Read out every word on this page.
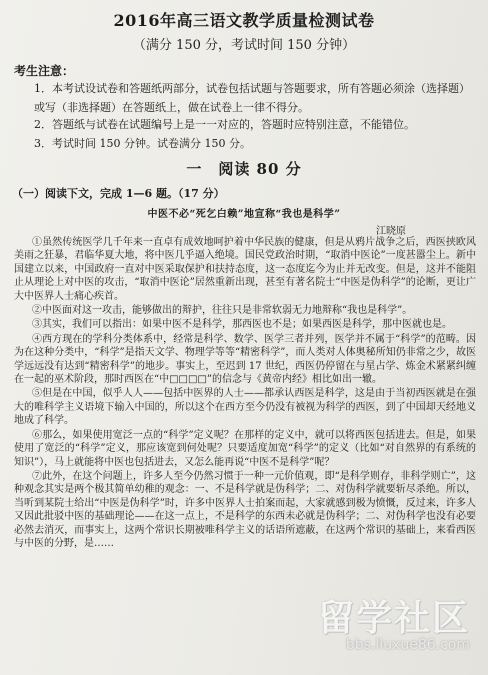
2016年高三语文教学质量检测试卷
（满分 150 分，考试时间 150 分钟）
考生注意：
1．本考试设试卷和答题纸两部分，试卷包括试题与答题要求，所有答题必须涂（选择题）或写（非选择题）在答题纸上，做在试卷上一律不得分。
2．答题纸与试卷在试题编号上是一一对应的，答题时应特别注意，不能错位。
3．考试时间 150 分钟。试卷满分 150 分。
一　阅读 80 分
（一）阅读下文，完成 1—6 题。（17 分）
中医不必“死乞白赖”地宣称“我也是科学”
江晓原

①虽然传统医学几千年来一直卓有成效地呵护着中华民族的健康，但是从鸦片战争之后，西医挟欧风美雨之狂暴，君临华夏大地，将中医几乎逼入绝境。国民党政治时期，“取消中医论”一度甚嚣尘上。新中国建立以来，中国政府一直对中医采取保护和扶持态度，这一态度迄今为止并无改变。但是，这并不能阻止从理论上对中医的攻击，“取消中医论”居然重新出现，甚至有著名院士“中医是伪科学”的论断，更让广大中医界人士痛心疾首。

②中医面对这一攻击，能够做出的辩护，往往只是非常软弱无力地辩称“我也是科学”。

③其实，我们可以指出：如果中医不是科学，那西医也不是；如果西医是科学，那中医就也是。

④西方现在的学科分类体系中，经常是科学、数学、医学三者并列，医学并不属于“科学”的范畴。因为在这种分类中，“科学”是指天文学、物理学等等“精密科学”，而人类对人体奥秘所知仍非常之少，故医学远远没有达到“精密科学”的地步。事实上，至迟到 17 世纪，西医仍停留在与星占学、炼金术紧紧纠缠在一起的巫术阶段，那时西医在“中□□□□”的信念与《黄帝内经》相比如出一辙。

⑤但是在中国，似乎人人——包括中医界的人士——都承认西医是科学，这是由于当初西医就是在强大的唯科学主义语境下输入中国的，所以这个在西方至今仍没有被视为科学的西医，到了中国却天经地义地成了科学。

⑥那么，如果使用宽泛一点的“科学”定义呢？在那样的定义中，就可以将西医包括进去。但是，如果使用了宽泛的“科学”定义，那应该宽到何处呢？只要适度加宽“科学”的定义（比如“对自然界的有系统的知识”），马上就能将中医也包括进去，又怎么能再说“中医不是科学”呢？

⑦此外，在这个问题上，许多人至今仍然习惯于一种一元价值观，即“是科学则存，非科学则亡”，这种观念其实是两个极其简单幼稚的观念：一、不是科学就是伪科学；二、对伪科学就要斩尽杀绝。所以，当听到某院士给出“中医是伪科学”时，许多中医界人士拍案而起，大家就感到极为愤慨，反过来，许多人又因此批驳中医的基础理论——在这一点上，不是科学的东西未必就是伪科学；二、对伪科学也没有必要必然去消灭，而事实上，这两个常识长期被唯科学主义的话语所遮蔽，在这两个常识的基础上，来看西医与中医的分野，是……

留学社区
bbs.liuxue86.com
